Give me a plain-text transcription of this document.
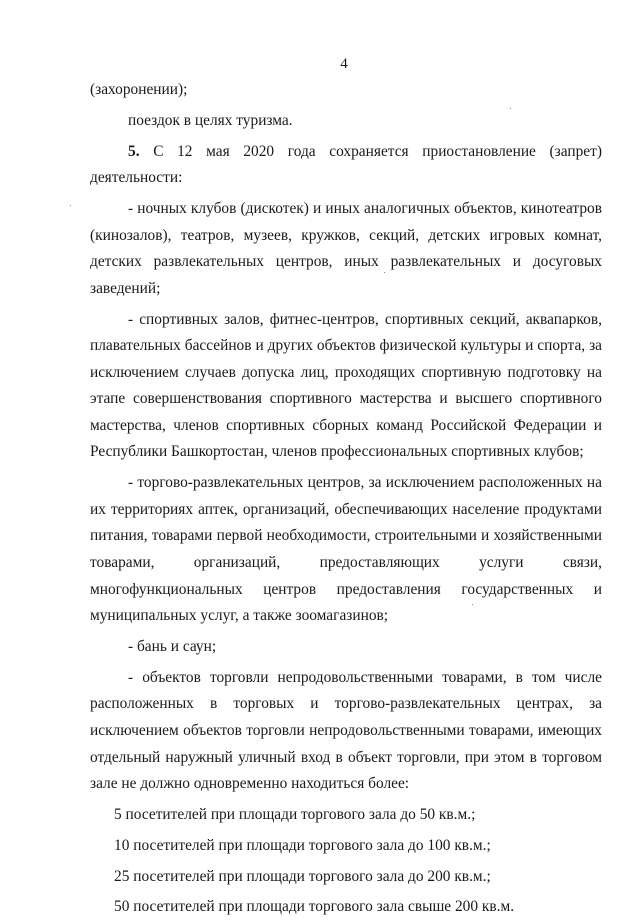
4

(захоронении);

поездок в целях туризма.

5. С 12 мая 2020 года сохраняется приостановление (запрет) деятельности:

- ночных клубов (дискотек) и иных аналогичных объектов, кинотеатров (кинозалов), театров, музеев, кружков, секций, детских игровых комнат, детских развлекательных центров, иных развлекательных и досуговых заведений;

- спортивных залов, фитнес-центров, спортивных секций, аквапарков, плавательных бассейнов и других объектов физической культуры и спорта, за исключением случаев допуска лиц, проходящих спортивную подготовку на этапе совершенствования спортивного мастерства и высшего спортивного мастерства, членов спортивных сборных команд Российской Федерации и Республики Башкортостан, членов профессиональных спортивных клубов;

- торгово-развлекательных центров, за исключением расположенных на их территориях аптек, организаций, обеспечивающих население продуктами питания, товарами первой необходимости, строительными и хозяйственными товарами, организаций, предоставляющих услуги связи, многофункциональных центров предоставления государственных и муниципальных услуг, а также зоомагазинов;

- бань и саун;

- объектов торговли непродовольственными товарами, в том числе расположенных в торговых и торгово-развлекательных центрах, за исключением объектов торговли непродовольственными товарами, имеющих отдельный наружный уличный вход в объект торговли, при этом в торговом зале не должно одновременно находиться более:

5 посетителей при площади торгового зала до 50 кв.м.;

10 посетителей при площади торгового зала до 100 кв.м.;

25 посетителей при площади торгового зала до 200 кв.м.;

50 посетителей при площади торгового зала свыше 200 кв.м.
